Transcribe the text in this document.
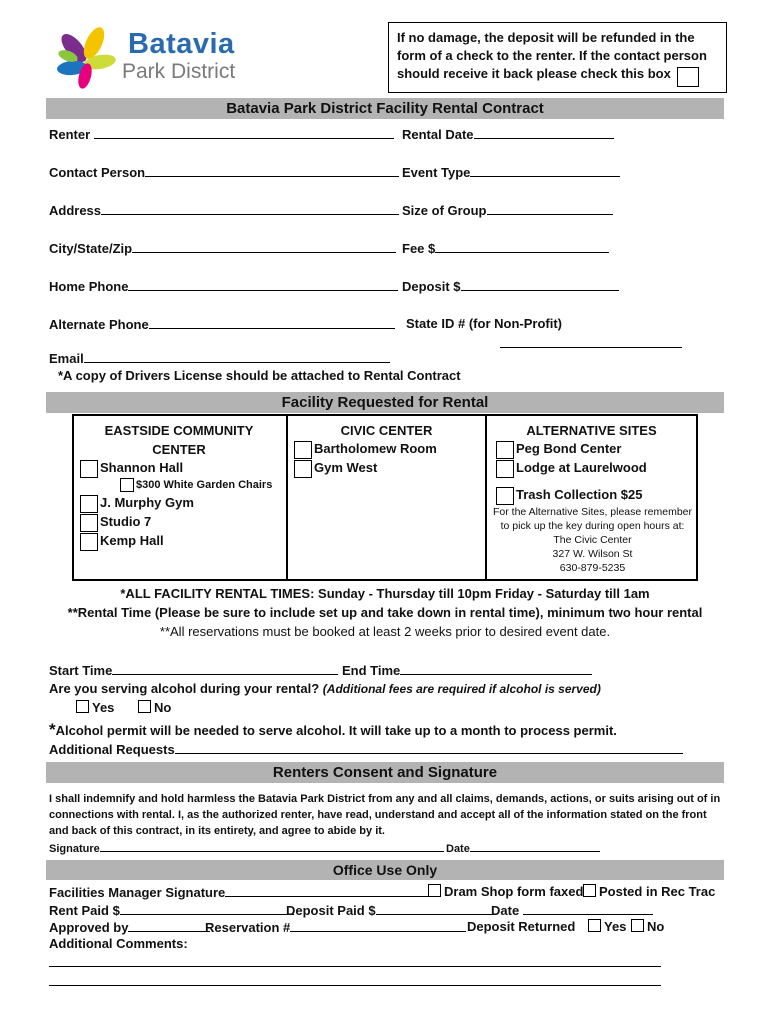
Batavia
Park District
If no damage, the deposit will be refunded in the form of a check to the renter. If the contact person should receive it back please check this box
Batavia Park District Facility Rental Contract
Renter	Rental Date
Contact Person	Event Type
Address	Size of Group
City/State/Zip	Fee $
Home Phone	Deposit $
Alternate Phone	State ID # (for Non-Profit)
Email
*A copy of Drivers License should be attached to Rental Contract
Facility Requested for Rental
EASTSIDE COMMUNITY
CENTER
Shannon Hall
$300 White Garden Chairs
J. Murphy Gym
Studio 7
Kemp Hall
CIVIC CENTER
Bartholomew Room
Gym West
ALTERNATIVE SITES
Peg Bond Center
Lodge at Laurelwood
Trash Collection $25
For the Alternative Sites, please remember
to pick up the key during open hours at:
The Civic Center
327 W. Wilson St
630-879-5235
*ALL FACILITY RENTAL TIMES: Sunday - Thursday till 10pm Friday - Saturday till 1am
**Rental Time (Please be sure to include set up and take down in rental time), minimum two hour rental
**All reservations must be booked at least 2 weeks prior to desired event date.
Start Time	End Time
Are you serving alcohol during your rental? (Additional fees are required if alcohol is served)
Yes	No
*Alcohol permit will be needed to serve alcohol. It will take up to a month to process permit.
Additional Requests
Renters Consent and Signature
I shall indemnify and hold harmless the Batavia Park District from any and all claims, demands, actions, or suits arising out of in
connections with rental. I, as the authorized renter, have read, understand and accept all of the information stated on the front
and back of this contract, in its entirety, and agree to abide by it.
Signature	Date
Office Use Only
Facilities Manager Signature	Dram Shop form faxed	Posted in Rec Trac
Rent Paid $	Deposit Paid $	Date
Approved by	Reservation #	Deposit Returned	Yes	No
Additional Comments:
